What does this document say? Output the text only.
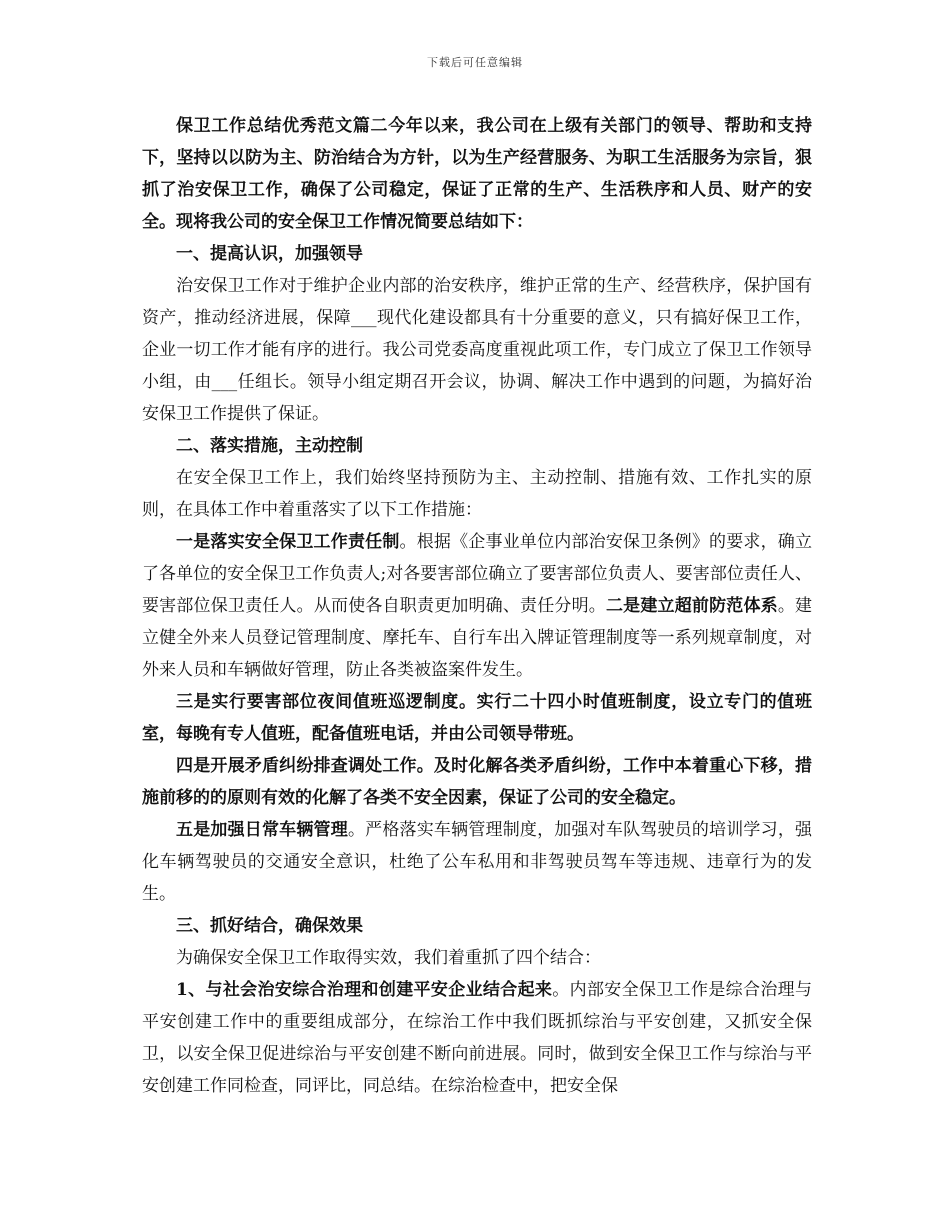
下载后可任意编辑

保卫工作总结优秀范文篇二今年以来，我公司在上级有关部门的领导、帮助和支持下，坚持以以防为主、防治结合为方针，以为生产经营服务、为职工生活服务为宗旨，狠抓了治安保卫工作，确保了公司稳定，保证了正常的生产、生活秩序和人员、财产的安全。现将我公司的安全保卫工作情况简要总结如下：

一、提高认识，加强领导

治安保卫工作对于维护企业内部的治安秩序，维护正常的生产、经营秩序，保护国有资产，推动经济进展，保障___现代化建设都具有十分重要的意义，只有搞好保卫工作，企业一切工作才能有序的进行。我公司党委高度重视此项工作，专门成立了保卫工作领导小组，由___任组长。领导小组定期召开会议，协调、解决工作中遇到的问题，为搞好治安保卫工作提供了保证。

二、落实措施，主动控制

在安全保卫工作上，我们始终坚持预防为主、主动控制、措施有效、工作扎实的原则，在具体工作中着重落实了以下工作措施：

一是落实安全保卫工作责任制。根据《企事业单位内部治安保卫条例》的要求，确立了各单位的安全保卫工作负责人;对各要害部位确立了要害部位负责人、要害部位责任人、要害部位保卫责任人。从而使各自职责更加明确、责任分明。二是建立超前防范体系。建立健全外来人员登记管理制度、摩托车、自行车出入牌证管理制度等一系列规章制度，对外来人员和车辆做好管理，防止各类被盗案件发生。

三是实行要害部位夜间值班巡逻制度。实行二十四小时值班制度，设立专门的值班室，每晚有专人值班，配备值班电话，并由公司领导带班。

四是开展矛盾纠纷排查调处工作。及时化解各类矛盾纠纷，工作中本着重心下移，措施前移的的原则有效的化解了各类不安全因素，保证了公司的安全稳定。

五是加强日常车辆管理。严格落实车辆管理制度，加强对车队驾驶员的培训学习，强化车辆驾驶员的交通安全意识，杜绝了公车私用和非驾驶员驾车等违规、违章行为的发生。

三、抓好结合，确保效果

为确保安全保卫工作取得实效，我们着重抓了四个结合：

1、与社会治安综合治理和创建平安企业结合起来。内部安全保卫工作是综合治理与平安创建工作中的重要组成部分，在综治工作中我们既抓综治与平安创建，又抓安全保卫，以安全保卫促进综治与平安创建不断向前进展。同时，做到安全保卫工作与综治与平安创建工作同检查，同评比，同总结。在综治检查中，把安全保
